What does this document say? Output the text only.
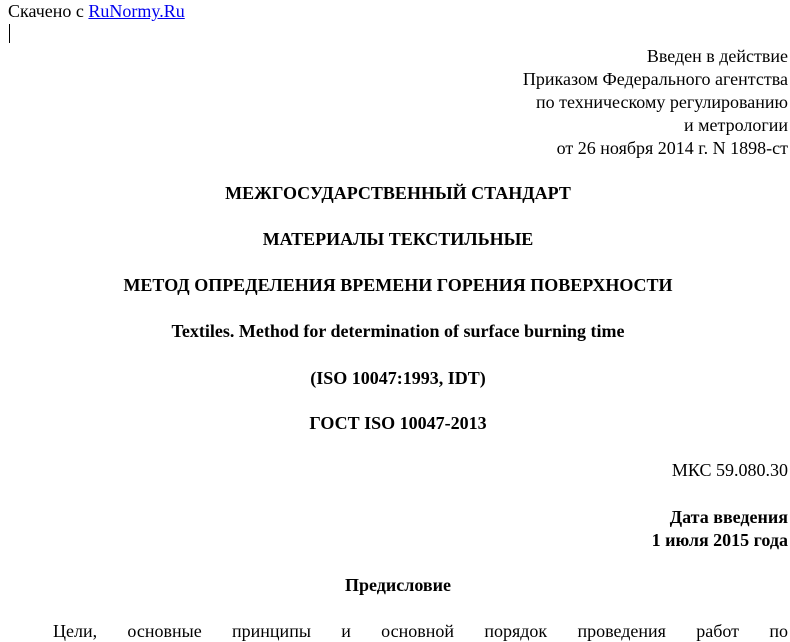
Скачено с RuNormy.Ru
Введен в действие
Приказом Федерального агентства
по техническому регулированию
и метрологии
от 26 ноября 2014 г. N 1898-ст
МЕЖГОСУДАРСТВЕННЫЙ СТАНДАРТ
МАТЕРИАЛЫ ТЕКСТИЛЬНЫЕ
МЕТОД ОПРЕДЕЛЕНИЯ ВРЕМЕНИ ГОРЕНИЯ ПОВЕРХНОСТИ
Textiles. Method for determination of surface burning time
(ISO 10047:1993, IDT)
ГОСТ ISO 10047-2013
МКС 59.080.30
Дата введения
1 июля 2015 года
Предисловие
Цели, основные принципы и основной порядок проведения работ по
